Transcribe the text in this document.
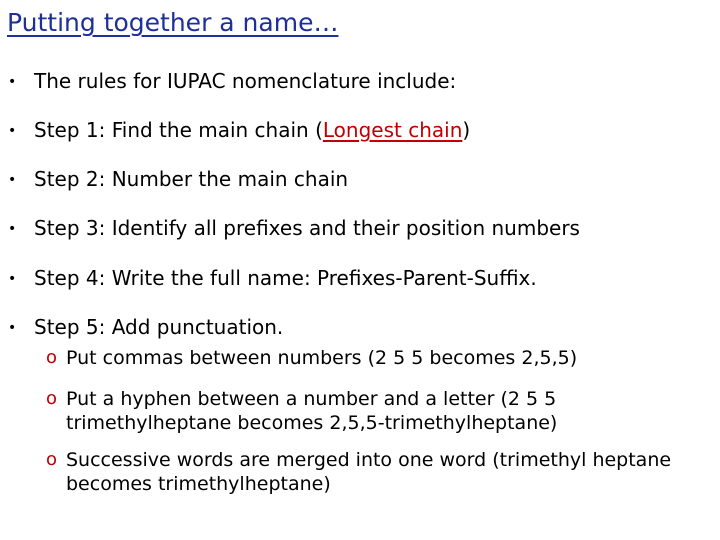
Putting together a name…
• The rules for IUPAC nomenclature include:
• Step 1: Find the main chain (Longest chain)
• Step 2: Number the main chain
• Step 3: Identify all prefixes and their position numbers
• Step 4: Write the full name: Prefixes-Parent-Suffix.
• Step 5: Add punctuation.
o Put commas between numbers (2 5 5 becomes 2,5,5)
o Put a hyphen between a number and a letter (2 5 5 trimethylheptane becomes 2,5,5-trimethylheptane)
o Successive words are merged into one word (trimethyl heptane becomes trimethylheptane)
